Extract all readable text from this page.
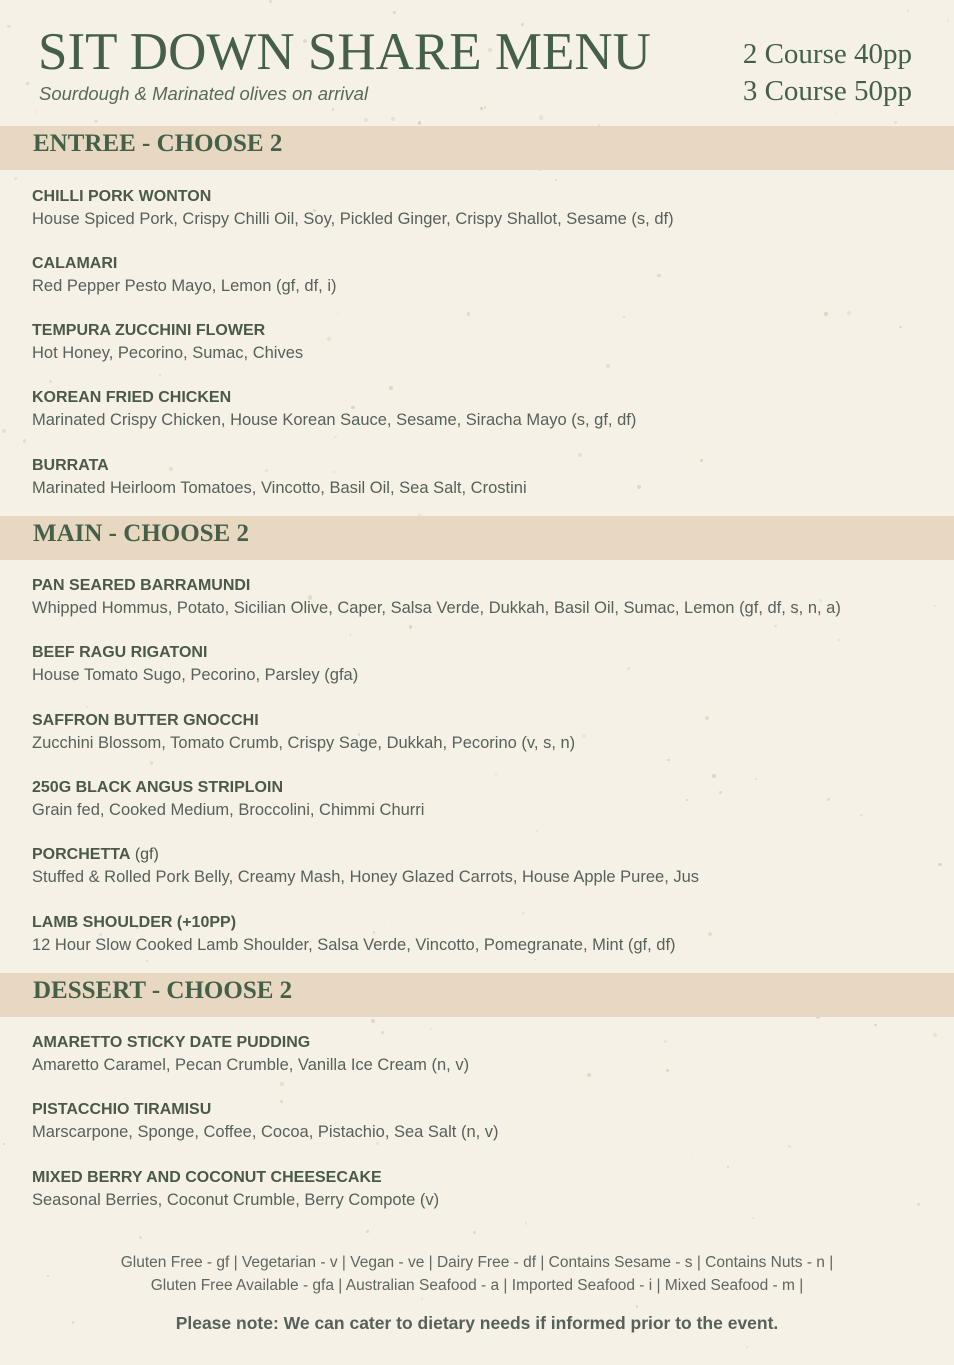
SIT DOWN SHARE MENU
Sourdough & Marinated olives on arrival
2 Course 40pp
3 Course 50pp
ENTREE - CHOOSE 2
CHILLI PORK WONTON
House Spiced Pork, Crispy Chilli Oil, Soy, Pickled Ginger, Crispy Shallot, Sesame (s, df)
CALAMARI
Red Pepper Pesto Mayo, Lemon (gf, df, i)
TEMPURA ZUCCHINI FLOWER
Hot Honey, Pecorino, Sumac, Chives
KOREAN FRIED CHICKEN
Marinated Crispy Chicken, House Korean Sauce, Sesame, Siracha Mayo (s, gf, df)
BURRATA
Marinated Heirloom Tomatoes, Vincotto, Basil Oil, Sea Salt, Crostini
MAIN - CHOOSE 2
PAN SEARED BARRAMUNDI
Whipped Hommus, Potato, Sicilian Olive, Caper, Salsa Verde, Dukkah, Basil Oil, Sumac, Lemon (gf, df, s, n, a)
BEEF RAGU RIGATONI
House Tomato Sugo, Pecorino, Parsley (gfa)
SAFFRON BUTTER GNOCCHI
Zucchini Blossom, Tomato Crumb, Crispy Sage, Dukkah, Pecorino (v, s, n)
250G BLACK ANGUS STRIPLOIN
Grain fed, Cooked Medium, Broccolini, Chimmi Churri
PORCHETTA (gf)
Stuffed & Rolled Pork Belly, Creamy Mash, Honey Glazed Carrots, House Apple Puree, Jus
LAMB SHOULDER (+10PP)
12 Hour Slow Cooked Lamb Shoulder, Salsa Verde, Vincotto, Pomegranate, Mint (gf, df)
DESSERT - CHOOSE 2
AMARETTO STICKY DATE PUDDING
Amaretto Caramel, Pecan Crumble, Vanilla Ice Cream (n, v)
PISTACCHIO TIRAMISU
Marscarpone, Sponge, Coffee, Cocoa, Pistachio, Sea Salt (n, v)
MIXED BERRY AND COCONUT CHEESECAKE
Seasonal Berries, Coconut Crumble, Berry Compote (v)
Gluten Free - gf | Vegetarian - v | Vegan - ve | Dairy Free - df | Contains Sesame - s | Contains Nuts - n |
Gluten Free Available - gfa | Australian Seafood - a | Imported Seafood - i | Mixed Seafood - m |
Please note: We can cater to dietary needs if informed prior to the event.
